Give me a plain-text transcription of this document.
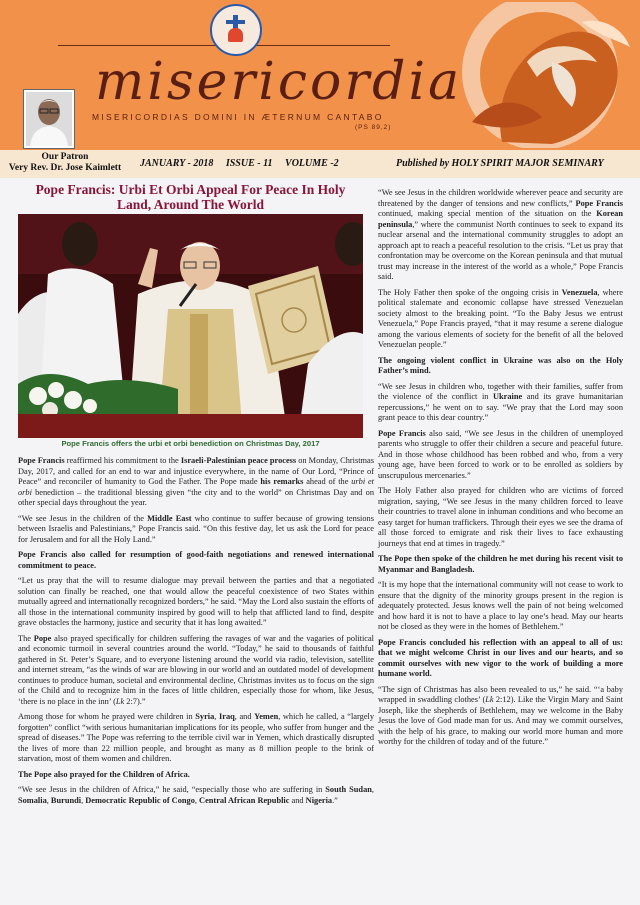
misericordia
MISERICORDIAS DOMINI IN ÆTERNUM CANTABO
(PS 89,2)
Our Patron
Very Rev. Dr. Jose Kaimlett JANUARY - 2018 ISSUE - 11 VOLUME -2	Published by HOLY SPIRIT MAJOR SEMINARY
Pope Francis: Urbi Et Orbi Appeal For Peace In Holy Land, Around The World
Pope Francis offers the urbi et orbi benediction on Christmas Day, 2017

Pope Francis reaffirmed his commitment to the Israeli-Palestinian peace process on Monday, Christmas Day, 2017, and called for an end to war and injustice everywhere, in the name of Our Lord, “Prince of Peace” and reconciler of humanity to God the Father. The Pope made his remarks ahead of the urbi et orbi benediction – the traditional blessing given “the city and to the world” on Christmas Day and on other special days throughout the year.

“We see Jesus in the children of the Middle East who continue to suffer because of growing tensions between Israelis and Palestinians,” Pope Francis said. “On this festive day, let us ask the Lord for peace for Jerusalem and for all the Holy Land.”

Pope Francis also called for resumption of good-faith negotiations and renewed international commitment to peace.

“Let us pray that the will to resume dialogue may prevail between the parties and that a negotiated solution can finally be reached, one that would allow the peaceful coexistence of two States within mutually agreed and internationally recognized borders,” he said. “May the Lord also sustain the efforts of all those in the international community inspired by good will to help that afflicted land to find, despite grave obstacles the harmony, justice and security that it has long awaited.”

The Pope also prayed specifically for children suffering the ravages of war and the vagaries of political and economic turmoil in several countries around the world. “Today,” he said to thousands of faithful gathered in St. Peter’s Square, and to everyone listening around the world via radio, television, satellite and internet stream, “as the winds of war are blowing in our world and an outdated model of development continues to produce human, societal and environmental decline, Christmas invites us to focus on the sign of the Child and to recognize him in the faces of little children, especially those for whom, like Jesus, ‘there is no place in the inn’ (Lk 2:7).”

Among those for whom he prayed were children in Syria, Iraq, and Yemen, which he called, a “largely forgotten” conflict “with serious humanitarian implications for its people, who suffer from hunger and the spread of diseases.” The Pope was referring to the terrible civil war in Yemen, which drastically disrupted the lives of more than 22 million people, and brought as many as 8 million people to the brink of starvation, most of them women and children.

The Pope also prayed for the Children of Africa.

“We see Jesus in the children of Africa,” he said, “especially those who are suffering in South Sudan, Somalia, Burundi, Democratic Republic of Congo, Central African Republic and Nigeria.”

“We see Jesus in the children worldwide wherever peace and security are threatened by the danger of tensions and new conflicts,” Pope Francis continued, making special mention of the situation on the Korean peninsula,” where the communist North continues to seek to expand its nuclear arsenal and the international community struggles to adopt an approach apt to reach a peaceful resolution to the crisis. “Let us pray that confrontation may be overcome on the Korean peninsula and that mutual trust may increase in the interest of the world as a whole,” Pope Francis said.

The Holy Father then spoke of the ongoing crisis in Venezuela, where political stalemate and economic collapse have stressed Venezuelan society almost to the breaking point. “To the Baby Jesus we entrust Venezuela,” Pope Francis prayed, “that it may resume a serene dialogue among the various elements of society for the benefit of all the beloved Venezuelan people.”

The ongoing violent conflict in Ukraine was also on the Holy Father’s mind.

“We see Jesus in children who, together with their families, suffer from the violence of the conflict in Ukraine and its grave humanitarian repercussions,” he went on to say. “We pray that the Lord may soon grant peace to this dear country.”

Pope Francis also said, “We see Jesus in the children of unemployed parents who struggle to offer their children a secure and peaceful future. And in those whose childhood has been robbed and who, from a very young age, have been forced to work or to be enrolled as soldiers by unscrupulous mercenaries.”

The Holy Father also prayed for children who are victims of forced migration, saying, “We see Jesus in the many children forced to leave their countries to travel alone in inhuman conditions and who become an easy target for human traffickers. Through their eyes we see the drama of all those forced to emigrate and risk their lives to face exhausting journeys that end at times in tragedy.”

The Pope then spoke of the children he met during his recent visit to Myanmar and Bangladesh.

“It is my hope that the international community will not cease to work to ensure that the dignity of the minority groups present in the region is adequately protected. Jesus knows well the pain of not being welcomed and how hard it is not to have a place to lay one’s head. May our hearts not be closed as they were in the homes of Bethlehem.”

Pope Francis concluded his reflection with an appeal to all of us: that we might welcome Christ in our lives and our hearts, and so commit ourselves with new vigor to the work of building a more humane world.

“The sign of Christmas has also been revealed to us,” he said. “‘a baby wrapped in swaddling clothes’ (Lk 2:12). Like the Virgin Mary and Saint Joseph, like the shepherds of Bethlehem, may we welcome in the Baby Jesus the love of God made man for us. And may we commit ourselves, with the help of his grace, to making our world more human and more worthy for the children of today and of the future.”
